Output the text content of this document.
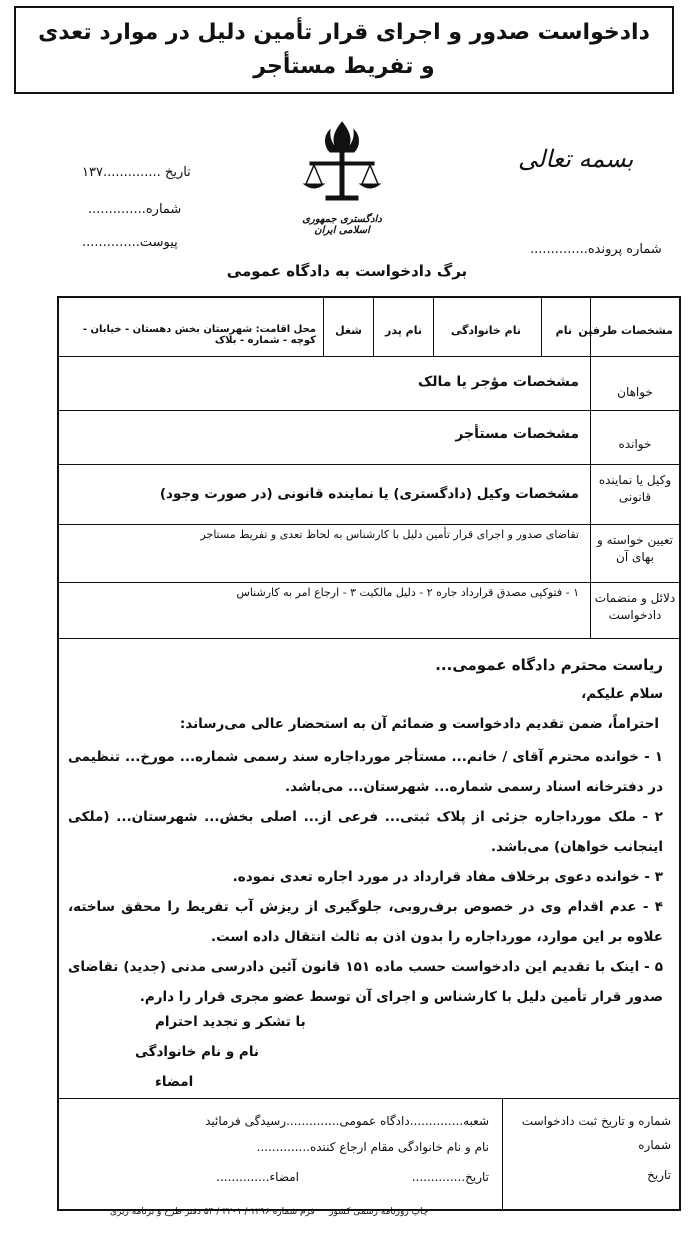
دادخواست صدور و اجرای قرار تأمین دلیل در موارد تعدی
و تفریط مستأجر
بسمه تعالی
دادگستری جمهوری اسلامی ایران
تاریخ ..............۱۳۷
شماره..............
پیوست..............	شماره پرونده..............
برگ دادخواست به دادگاه عمومی
مشخصات طرفین
نام
نام خانوادگی
نام پدر
شغل
محل اقامت: شهرستان بخش دهستان - خیابان - کوچه - شماره - بلاک
خواهان
مشخصات مؤجر یا مالک
خوانده
مشخصات مستأجر
وکیل یا نماینده قانونی
مشخصات وکیل (دادگستری) یا نماینده قانونی (در صورت وجود)
تعیین خواسته و بهای آن
تقاضای صدور و اجرای قرار تأمین دلیل با کارشناس به لحاظ تعدی و تفریط مستاجر
دلائل و منضمات دادخواست
۱ - فتوکپی مصدق قرارداد جاره ۲ - دلیل مالکیت ۳ - ارجاع امر به کارشناس
ریاست محترم دادگاه عمومی...
سلام علیکم،
احتراماً، ضمن تقدیم دادخواست و ضمائم آن به استحضار عالی می‌رساند:
۱ - خوانده محترم آقای / خانم... مستأجر مورداجاره سند رسمی شماره... مورخ... تنظیمی در دفترخانه اسناد رسمی شماره... شهرستان... می‌باشد.
۲ - ملک مورداجاره جزئی از پلاک ثبتی... فرعی از... اصلی بخش... شهرستان... (ملکی اینجانب خواهان) می‌باشد.
۳ - خوانده دعوی برخلاف مفاد قرارداد در مورد اجاره تعدی نموده.
۴ - عدم اقدام وی در خصوص برف‌روبی، جلوگیری از ریزش آب تفریط را محقق ساخته، علاوه بر این موارد، مورداجاره را بدون اذن به ثالث انتقال داده است.
۵ - اینک با تقدیم این دادخواست حسب ماده ۱۵۱ قانون آئین دادرسی مدنی (جدید) تقاضای صدور قرار تأمین دلیل با کارشناس و اجرای آن توسط عضو مجری قرار را دارم.
با تشکر و تجدید احترام
نام و نام خانوادگی
امضاء
شماره و تاریخ ثبت دادخواست
شماره
تاریخ
شعبه..............دادگاه عمومی..............رسیدگی فرمائید
نام و نام خانوادگی مقام ارجاع کننده..............
تاریخ..............
امضاء..............
چاپ روزنامه رسمی کشور     فرم شماره ۱۲۹۶ / ۳۲۰۱ / ۵۴ دفتر طرح و برنامه ریزی
